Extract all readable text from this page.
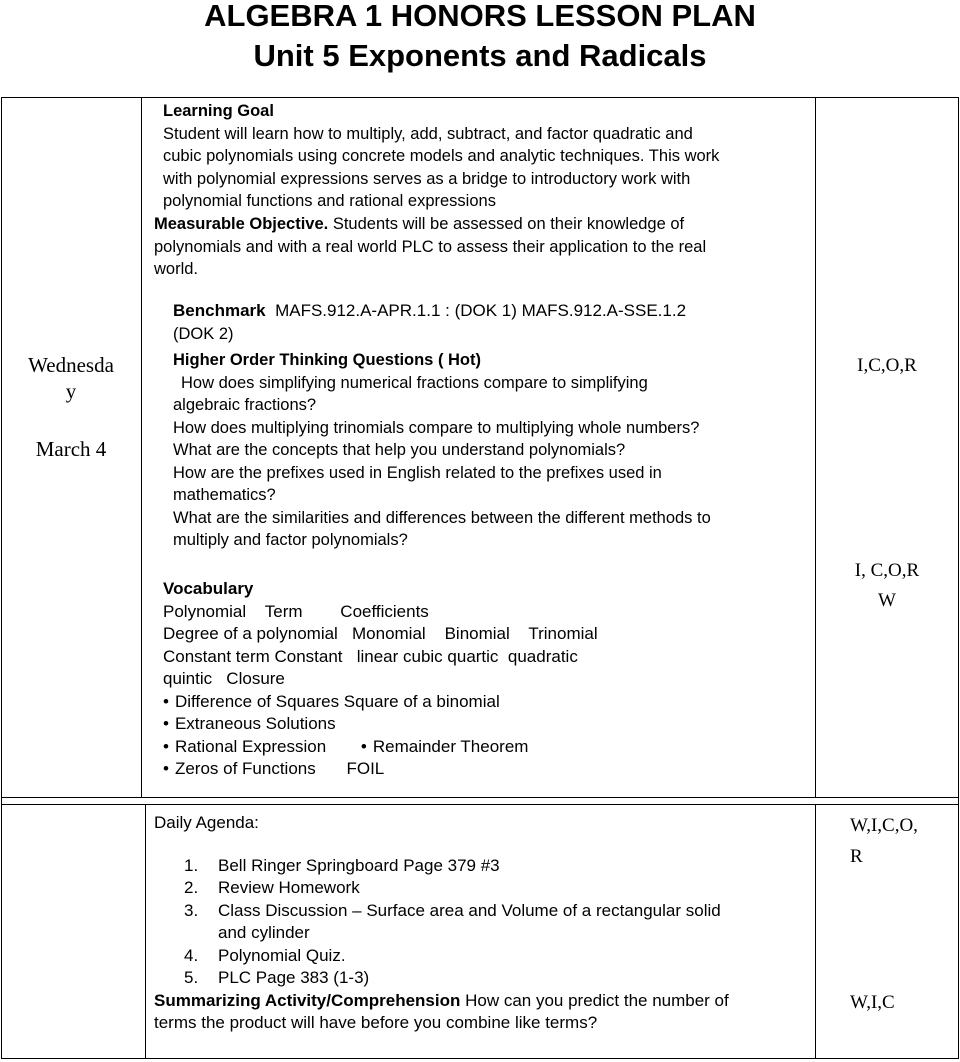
ALGEBRA 1 HONORS LESSON PLAN
Unit 5 Exponents and Radicals
Wednesda
y
March 4
Learning Goal
Student will learn how to multiply, add, subtract, and factor quadratic and
cubic polynomials using concrete models and analytic techniques. This work
with polynomial expressions serves as a bridge to introductory work with
polynomial functions and rational expressions
Measurable Objective. Students will be assessed on their knowledge of
polynomials and with a real world PLC to assess their application to the real
world.
Benchmark MAFS.912.A-APR.1.1 : (DOK 1) MAFS.912.A-SSE.1.2
(DOK 2)
Higher Order Thinking Questions ( Hot)
How does simplifying numerical fractions compare to simplifying
algebraic fractions?
How does multiplying trinomials compare to multiplying whole numbers?
What are the concepts that help you understand polynomials?
How are the prefixes used in English related to the prefixes used in
mathematics?
What are the similarities and differences between the different methods to
multiply and factor polynomials?
Vocabulary
Polynomial    Term        Coefficients
Degree of a polynomial   Monomial    Binomial    Trinomial
Constant term Constant   linear cubic quartic  quadratic
quintic   Closure
• Difference of Squares Square of a binomial
• Extraneous Solutions
• Rational Expression •	Remainder Theorem
• Zeros of Functions FOIL
Daily Agenda:
1. Bell Ringer Springboard Page 379 #3
2. Review Homework
3. Class Discussion – Surface area and Volume of a rectangular solid
and cylinder
4. Polynomial Quiz.
5. PLC Page 383 (1-3)
Summarizing Activity/Comprehension How can you predict the number of
terms the product will have before you combine like terms?
I,C,O,R
I, C,O,R
W
W,I,C,O,
R
W,I,C
